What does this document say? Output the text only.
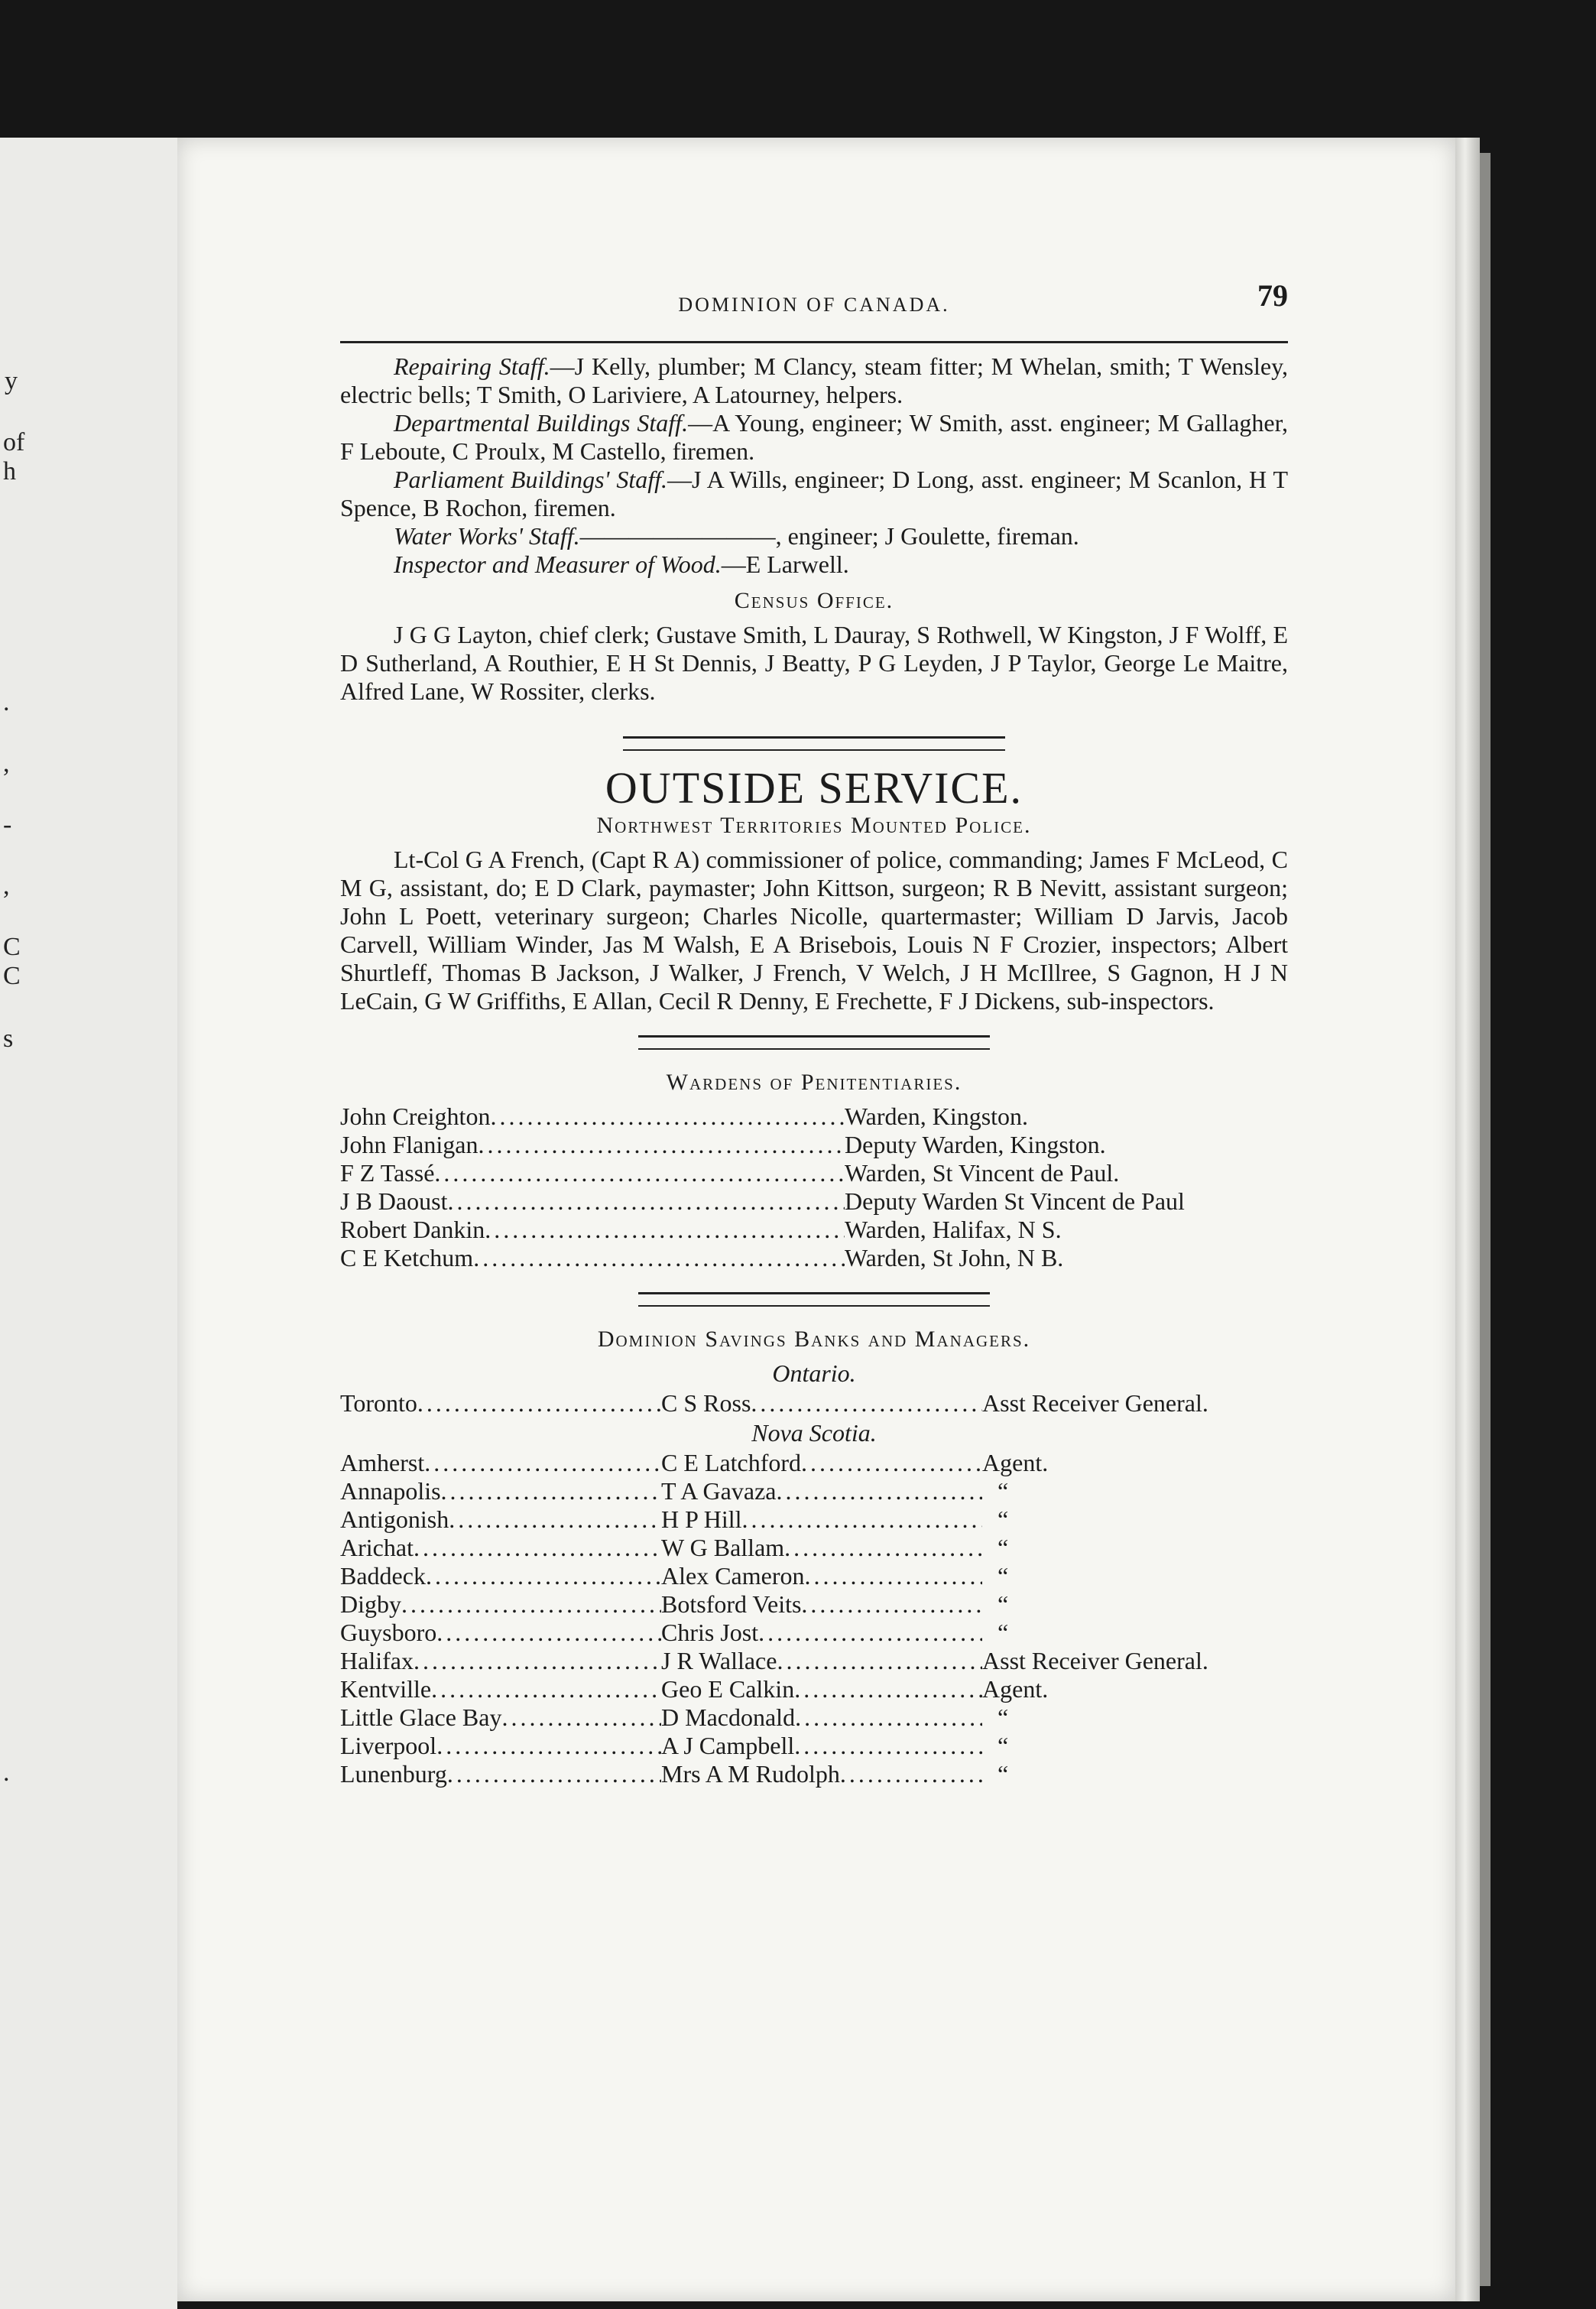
y
of
h
.
,
-
,
C
C
s
.
DOMINION OF CANADA.	79

Repairing Staff.—J Kelly, plumber; M Clancy, steam fitter; M Whelan, smith; T Wensley, electric bells; T Smith, O Lariviere, A Latourney, helpers.

Departmental Buildings Staff.—A Young, engineer; W Smith, asst. engineer; M Gallagher, F Leboute, C Proulx, M Castello, firemen.

Parliament Buildings' Staff.—J A Wills, engineer; D Long, asst. engineer; M Scanlon, H T Spence, B Rochon, firemen.

Water Works' Staff.————————, engineer; J Goulette, fireman.

Inspector and Measurer of Wood.—E Larwell.

Census Office.

J G G Layton, chief clerk; Gustave Smith, L Dauray, S Rothwell, W Kingston, J F Wolff, E D Sutherland, A Routhier, E H St Dennis, J Beatty, P G Leyden, J P Taylor, George Le Maitre, Alfred Lane, W Rossiter, clerks.

OUTSIDE SERVICE.
Northwest Territories Mounted Police.

Lt-Col G A French, (Capt R A) commissioner of police, commanding; James F McLeod, C M G, assistant, do; E D Clark, paymaster; John Kittson, surgeon; R B Nevitt, assistant surgeon; John L Poett, veterinary surgeon; Charles Nicolle, quartermaster; William D Jarvis, Jacob Carvell, William Winder, Jas M Walsh, E A Brisebois, Louis N F Crozier, inspectors; Albert Shurtleff, Thomas B Jackson, J Walker, J French, V Welch, J H McIllree, S Gagnon, H J N LeCain, G W Griffiths, E Allan, Cecil R Denny, E Frechette, F J Dickens, sub-inspectors.

Wardens of Penitentiaries.
John Creighton .....	Warden, Kingston.
John Flanigan .....	Deputy Warden, Kingston.
F Z Tassé .....	Warden, St Vincent de Paul.
J B Daoust .....	Deputy Warden St Vincent de Paul
Robert Dankin .....	Warden, Halifax, N S.
C E Ketchum .....	Warden, St John, N B.
Dominion Savings Banks and Managers.
Ontario.
Toronto .....	C S Ross .....	Asst Receiver General.
Nova Scotia.
Amherst .....	C E Latchford .....	Agent.
Annapolis .....	T A Gavaza .....	“
Antigonish .....	H P Hill .....	“
Arichat .....	W G Ballam .....	“
Baddeck .....	Alex Cameron .....	“
Digby .....	Botsford Veits .....	“
Guysboro .....	Chris Jost .....	“
Halifax .....	J R Wallace .....	Asst Receiver General.
Kentville .....	Geo E Calkin .....	Agent.
Little Glace Bay .....	D Macdonald .....	“
Liverpool .....	A J Campbell .....	“
Lunenburg .....	Mrs A M Rudolph .....	“
